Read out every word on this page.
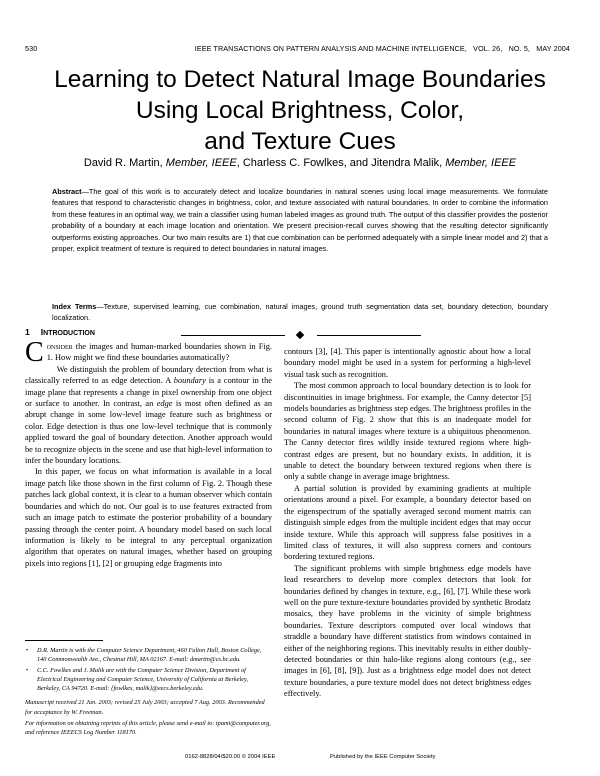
530	IEEE TRANSACTIONS ON PATTERN ANALYSIS AND MACHINE INTELLIGENCE,   VOL. 26,   NO. 5,   MAY 2004
Learning to Detect Natural Image Boundaries
Using Local Brightness, Color,
and Texture Cues
David R. Martin, Member, IEEE, Charless C. Fowlkes, and Jitendra Malik, Member, IEEE
Abstract—The goal of this work is to accurately detect and localize boundaries in natural scenes using local image measurements. We formulate features that respond to characteristic changes in brightness, color, and texture associated with natural boundaries. In order to combine the information from these features in an optimal way, we train a classifier using human labeled images as ground truth. The output of this classifier provides the posterior probability of a boundary at each image location and orientation. We present precision-recall curves showing that the resulting detector significantly outperforms existing approaches. Our two main results are 1) that cue combination can be performed adequately with a simple linear model and 2) that a proper, explicit treatment of texture is required to detect boundaries in natural images.
Index Terms—Texture, supervised learning, cue combination, natural images, ground truth segmentation data set, boundary detection, boundary localization.
1 INTRODUCTION

Consider the images and human-marked boundaries shown in Fig. 1. How might we find these boundaries automatically?

We distinguish the problem of boundary detection from what is classically referred to as edge detection. A boundary is a contour in the image plane that represents a change in pixel ownership from one object or surface to another. In contrast, an edge is most often defined as an abrupt change in some low-level image feature such as brightness or color. Edge detection is thus one low-level technique that is commonly applied toward the goal of boundary detection. Another approach would be to recognize objects in the scene and use that high-level information to infer the boundary locations.

In this paper, we focus on what information is available in a local image patch like those shown in the first column of Fig. 2. Though these patches lack global context, it is clear to a human observer which contain boundaries and which do not. Our goal is to use features extracted from such an image patch to estimate the posterior probability of a boundary passing through the center point. A boundary model based on such local information is likely to be integral to any perceptual organization algorithm that operates on natural images, whether based on grouping pixels into regions [1], [2] or grouping edge fragments into

contours [3], [4]. This paper is intentionally agnostic about how a local boundary model might be used in a system for performing a high-level visual task such as recognition.

The most common approach to local boundary detection is to look for discontinuities in image brightness. For example, the Canny detector [5] models boundaries as brightness step edges. The brightness profiles in the second column of Fig. 2 show that this is an inadequate model for boundaries in natural images where texture is a ubiquitous phenomenon. The Canny detector fires wildly inside textured regions where high-contrast edges are present, but no boundary exists. In addition, it is unable to detect the boundary between textured regions when there is only a subtle change in average image brightness.

A partial solution is provided by examining gradients at multiple orientations around a pixel. For example, a boundary detector based on the eigenspectrum of the spatially averaged second moment matrix can distinguish simple edges from the multiple incident edges that may occur inside texture. While this approach will suppress false positives in a limited class of textures, it will also suppress corners and contours bordering textured regions.

The significant problems with simple brightness edge models have lead researchers to develop more complex detectors that look for boundaries defined by changes in texture, e.g., [6], [7]. While these work well on the pure texture-texture boundaries provided by synthetic Brodatz mosaics, they have problems in the vicinity of simple brightness boundaries. Texture descriptors computed over local windows that straddle a boundary have different statistics from windows contained in either of the neighboring regions. This inevitably results in either doubly-detected boundaries or thin halo-like regions along contours (e.g., see images in [6], [8], [9]). Just as a brightness edge model does not detect texture boundaries, a pure texture model does not detect brightness edges effectively.

• D.R. Martin is with the Computer Science Department, 460 Fulton Hall, Boston College, 140 Commonwealth Ave., Chestnut Hill, MA 02167. E-mail: dmartin@cs.bc.edu.
• C.C. Fowlkes and J. Malik are with the Computer Science Division, Department of Electrical Engineering and Computer Science, University of California at Berkeley, Berkeley, CA 94720. E-mail: {fowlkes, malik}@eecs.berkeley.edu.
Manuscript received 21 Jan. 2003; revised 25 July 2003; accepted 7 Aug. 2003. Recommended for acceptance by W. Freeman.
For information on obtaining reprints of this article, please send e-mail to: tpami@computer.org, and reference IEEECS Log Number 118170.
0162-8828/04/$20.00 © 2004 IEEE	Published by the IEEE Computer Society
